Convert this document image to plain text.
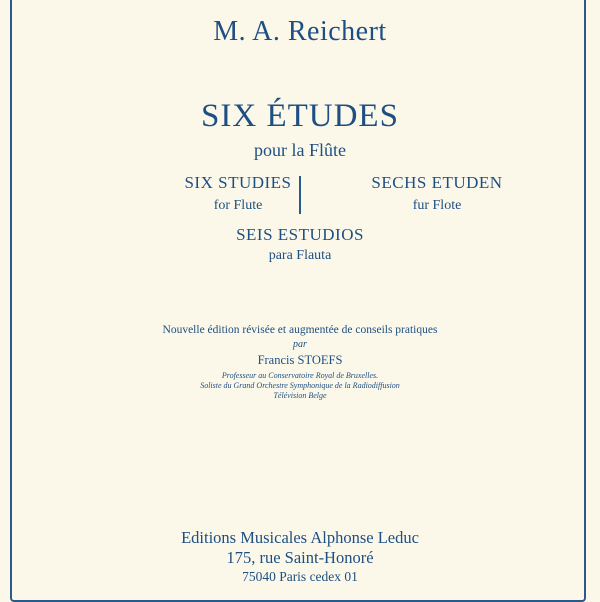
M. A. Reichert
SIX ÉTUDES
pour la Flûte
SIX STUDIES
for Flute
SECHS ETUDEN
fur Flote
SEIS ESTUDIOS
para Flauta
Nouvelle édition révisée et augmentée de conseils pratiques
par
Francis STOEFS
Professeur au Conservatoire Royal de Bruxelles.
Soliste du Grand Orchestre Symphonique de la Radiodiffusion
Télévision Belge
Editions Musicales Alphonse Leduc
175, rue Saint-Honoré
75040 Paris cedex 01
